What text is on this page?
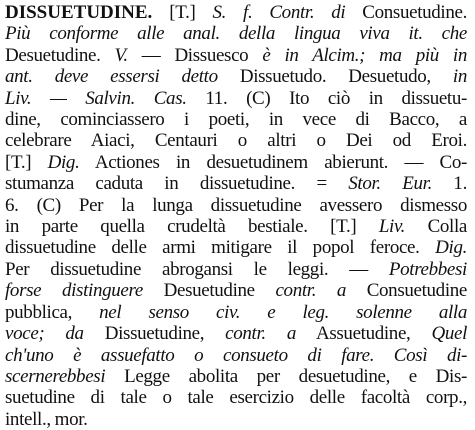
DISSUETUDINE. [T.] S. f. Contr. di Consuetudine.
Più conforme alle anal. della lingua viva it. che
Desuetudine. V. — Dissuesco è in Alcim.; ma più in
ant. deve essersi detto Dissuetudo. Desuetudo, in
Liv. — Salvin. Cas. 11. (C) Ito ciò in dissuetu-
dine, cominciassero i poeti, in vece di Bacco, a
celebrare Aiaci, Centauri o altri o Dei od Eroi.
[T.] Dig. Actiones in desuetudinem abierunt. — Co-
stumanza caduta in dissuetudine. = Stor. Eur. 1.
6. (C) Per la lunga dissuetudine avessero dismesso
in parte quella crudeltà bestiale. [T.] Liv. Colla
dissuetudine delle armi mitigare il popol feroce. Dig.
Per dissuetudine abrogansi le leggi. — Potrebbesi
forse distinguere Desuetudine contr. a Consuetudine
pubblica, nel senso civ. e leg. solenne alla
voce; da Dissuetudine, contr. a Assuetudine, Quel
ch'uno è assuefatto o consueto di fare. Così di-
scernerebbesi Legge abolita per desuetudine, e Dis-
suetudine di tale o tale esercizio delle facoltà corp.,
intell., mor.
